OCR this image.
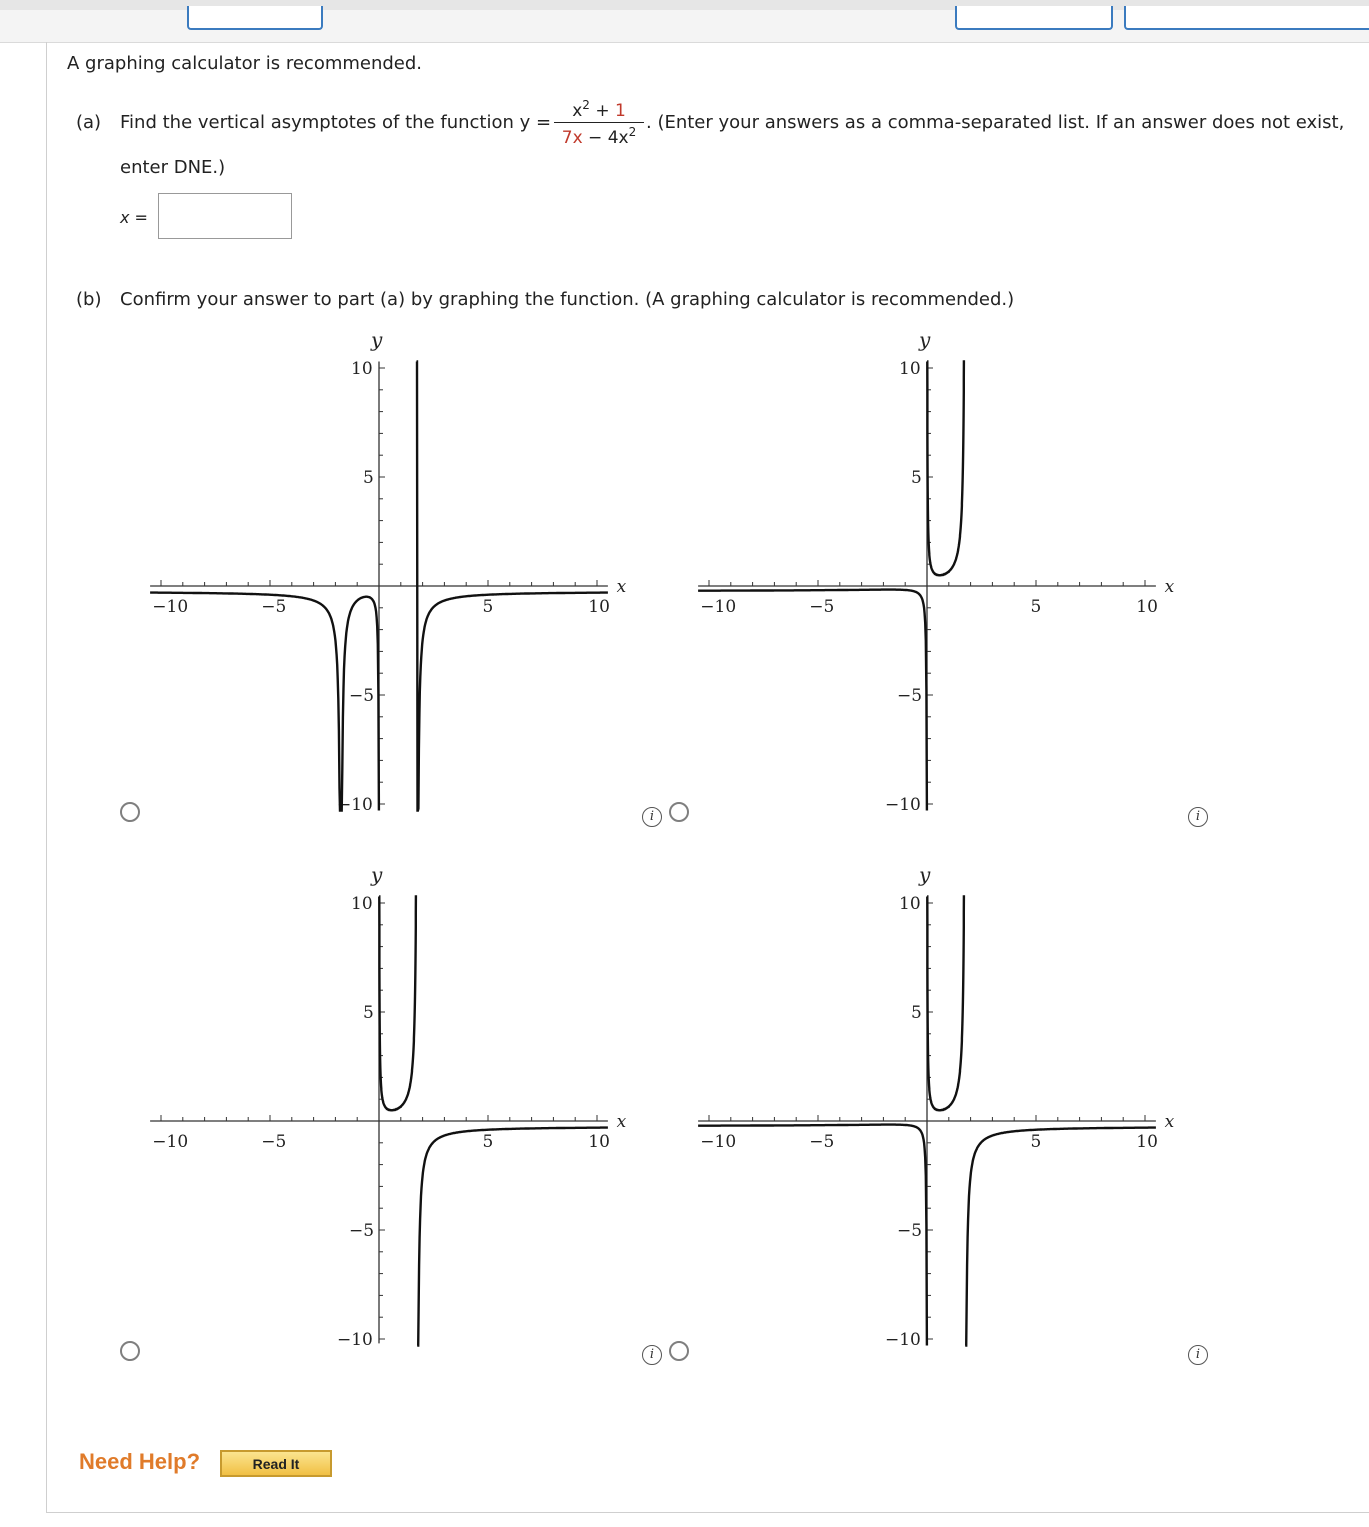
A graphing calculator is recommended.
(a) Find the vertical asymptotes of the function y =
$x^2 + 1$
$7x - 4x^2$ . (Enter your answers as a comma-separated list. If an answer does not exist,
enter DNE.)
x =
(b) Confirm your answer to part (a) by graphing the function. (A graphing calculator is recommended.)
−10	−5	5	10
x
y
10
5
−5
−10
−10	−5	5	10
x
y
10
5
−5
−10
−10	−5	5	10
x
y
10
5
−5
−10
−10	−5	5	10
x
y
10
5
−5
−10
i	i
i	i
Need Help?	Read It
